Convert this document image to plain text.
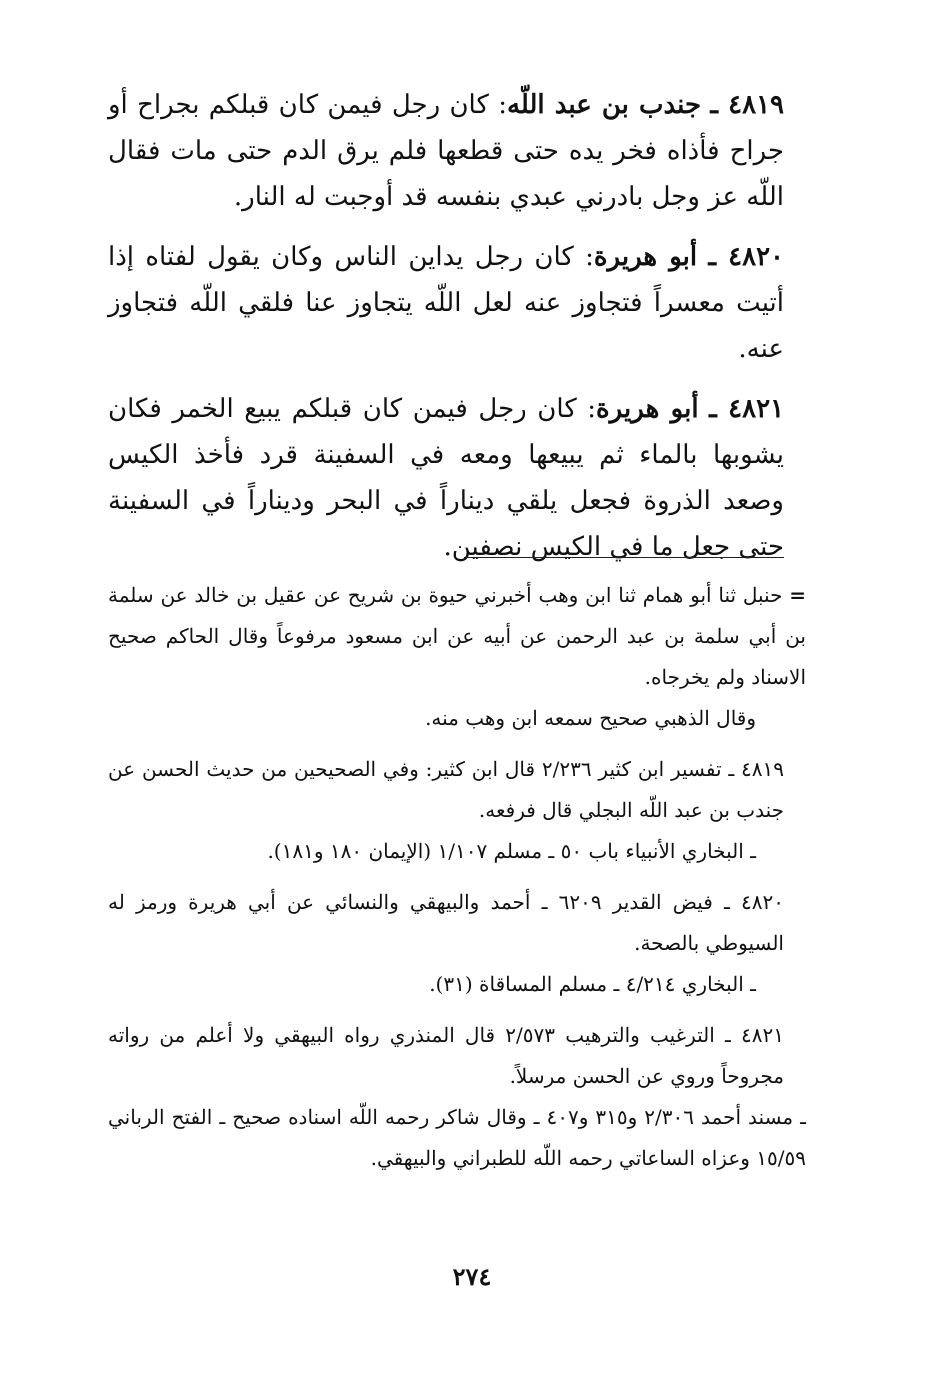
٤٨١٩ ـ جندب بن عبد اللّه: كان رجل فيمن كان قبلكم بجراح أو جراح فأذاه فخر يده حتى قطعها فلم يرق الدم حتى مات فقال اللّه عز وجل بادرني عبدي بنفسه قد أوجبت له النار.

٤٨٢٠ ـ أبو هريرة: كان رجل يداين الناس وكان يقول لفتاه إذا أتيت معسراً فتجاوز عنه لعل اللّه يتجاوز عنا فلقي اللّه فتجاوز عنه.

٤٨٢١ ـ أبو هريرة: كان رجل فيمن كان قبلكم يبيع الخمر فكان يشوبها بالماء ثم يبيعها ومعه في السفينة قرد فأخذ الكيس وصعد الذروة فجعل يلقي ديناراً في البحر وديناراً في السفينة حتى جعل ما في الكيس نصفين.

= حنبل ثنا أبو همام ثنا ابن وهب أخبرني حيوة بن شريح عن عقيل بن خالد عن سلمة بن أبي سلمة بن عبد الرحمن عن أبيه عن ابن مسعود مرفوعاً وقال الحاكم صحيح الاسناد ولم يخرجاه.

وقال الذهبي صحيح سمعه ابن وهب منه.

٤٨١٩ ـ تفسير ابن كثير ٢/٢٣٦ قال ابن كثير: وفي الصحيحين من حديث الحسن عن جندب بن عبد اللّه البجلي قال فرفعه.

ـ البخاري الأنبياء باب ٥٠ ـ مسلم ١/١٠٧ (الإيمان ١٨٠ و١٨١).

٤٨٢٠ ـ فيض القدير ٦٢٠٩ ـ أحمد والبيهقي والنسائي عن أبي هريرة ورمز له السيوطي بالصحة.

ـ البخاري ٤/٢١٤ ـ مسلم المساقاة (٣١).

٤٨٢١ ـ الترغيب والترهيب ٢/٥٧٣ قال المنذري رواه البيهقي ولا أعلم من رواته مجروحاً وروي عن الحسن مرسلاً.

ـ مسند أحمد ٢/٣٠٦ و٣١٥ و٤٠٧ ـ وقال شاكر رحمه اللّه اسناده صحيح ـ الفتح الرباني ١٥/٥٩ وعزاه الساعاتي رحمه اللّه للطبراني والبيهقي.

٢٧٤
